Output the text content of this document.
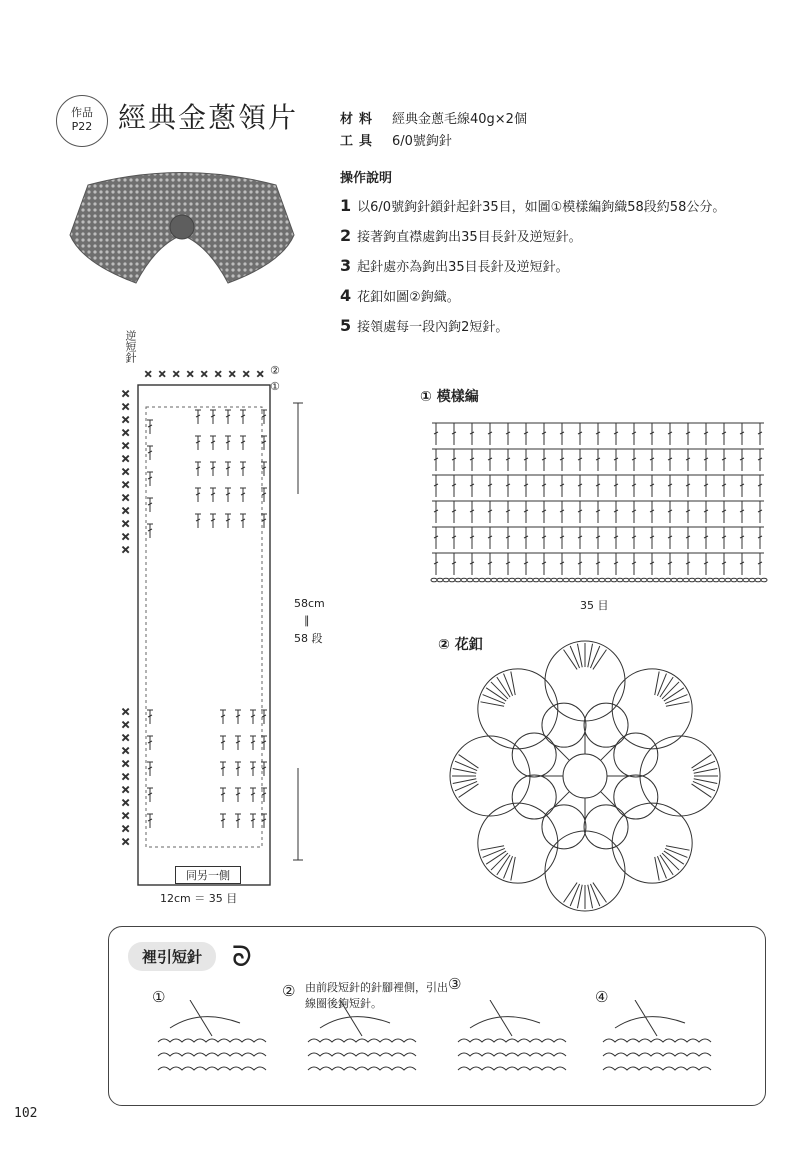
作品
P22 經典金蔥領片	材料 經典金蔥毛線40g×2個
工具 6/0號鉤針
操作說明
1 以6/0號鉤針鎖針起針35目，如圖①模樣編鉤織58段約58公分。
2 接著鉤直襟處鉤出35目長針及逆短針。
3 起針處亦為鉤出35目長針及逆短針。
4 花釦如圖②鉤織。
5 接領處每一段內鉤2短針。
逆短針
②
①
×
×
×
×
×
×
×
×
×
×
×
×
×
×
×
×
×
×
×
×
×
×
×
×
× × × × × × × × ×
58cm
∥
58 段
同另一側
12cm ＝ 35 目
① 模樣編
35 目
② 花釦
裡引短針	ᘐ
①	② 由前段短針的針腳裡側，引出線圈後鉤短針。
③
④
102
